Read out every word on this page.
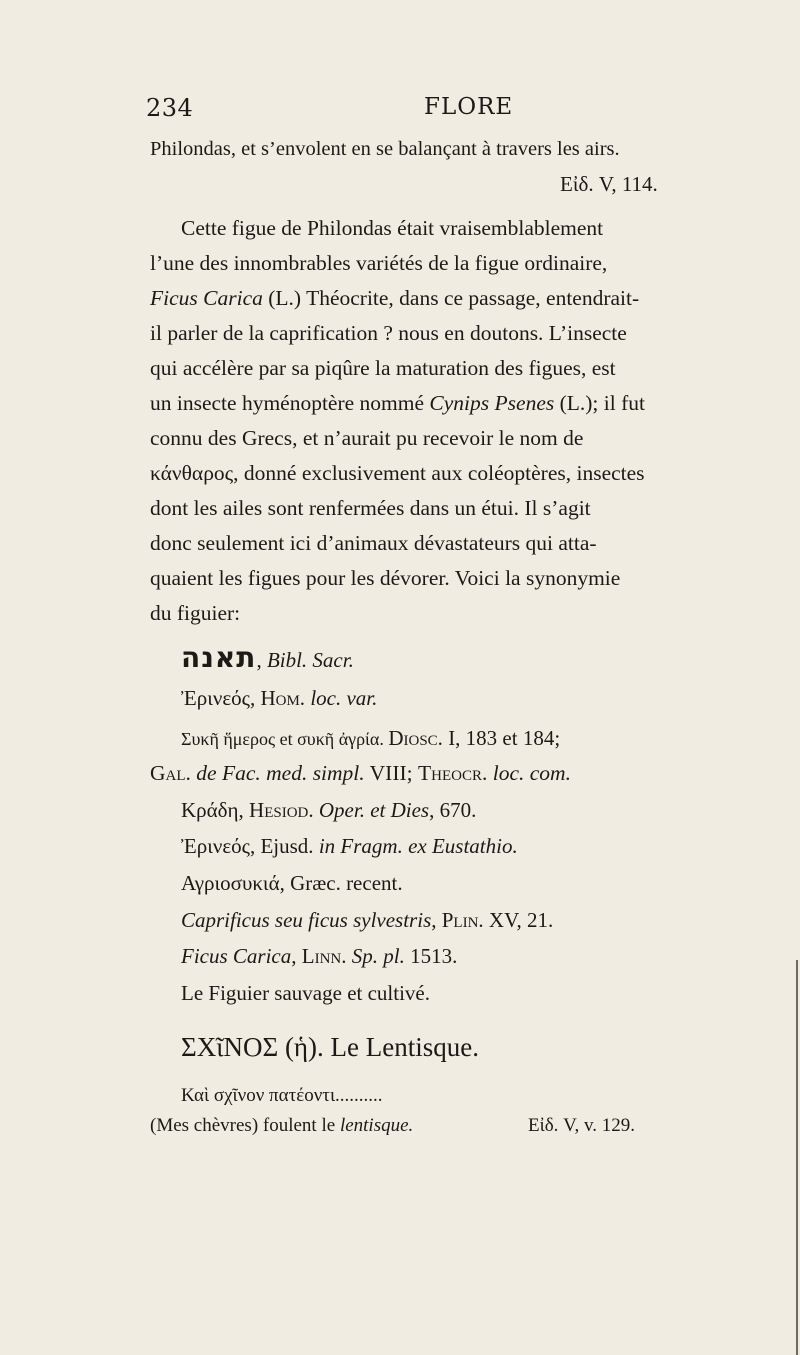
234	FLORE
Philondas, et s’envolent en se balançant à travers les airs.
Εἰδ. V, 114.
Cette figue de Philondas était vraisemblablement
l’une des innombrables variétés de la figue ordinaire,
Ficus Carica (L.) Théocrite, dans ce passage, entendrait-
il parler de la caprification ? nous en doutons. L’insecte
qui accélère par sa piqûre la maturation des figues, est
un insecte hyménoptère nommé Cynips Psenes (L.); il fut
connu des Grecs, et n’aurait pu recevoir le nom de
κάνθαρος, donné exclusivement aux coléoptères, insectes
dont les ailes sont renfermées dans un étui. Il s’agit
donc seulement ici d’animaux dévastateurs qui atta-
quaient les figues pour les dévorer. Voici la synonymie
du figuier:
תאנה, Bibl. Sacr.
Ἐρινεός, Hom. loc. var.
Συκῆ ἥμερος et συκῆ ἀγρία. Diosc. I, 183 et 184;
Gal. de Fac. med. simpl. VIII; Theocr. loc. com.
Κράδη, Hesiod. Oper. et Dies, 670.
Ἐρινεός, Ejusd. in Fragm. ex Eustathio.
Αγριοσυκιά, Græc. recent.
Caprificus seu ficus sylvestris, Plin. XV, 21.
Ficus Carica, Linn. Sp. pl. 1513.
Le Figuier sauvage et cultivé.
ΣΧῖΝΟΣ (ἡ). Le Lentisque.
Καὶ σχῖνον πατέοντι..........
(Mes chèvres) foulent le lentisque.	Εἰδ. V, v. 129.
